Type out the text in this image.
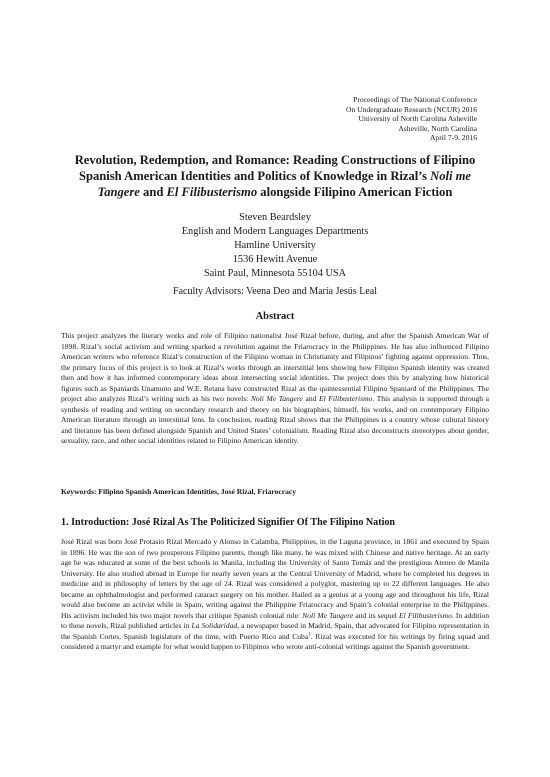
Proceedings of The National Conference
On Undergraduate Research (NCUR) 2016
University of North Carolina Asheville
Asheville, North Carolina
April 7-9, 2016
Revolution, Redemption, and Romance: Reading Constructions of Filipino
Spanish American Identities and Politics of Knowledge in Rizal’s Noli me
Tangere and El Filibusterismo alongside Filipino American Fiction
Steven Beardsley
English and Modern Languages Departments
Hamline University
1536 Hewitt Avenue
Saint Paul, Minnesota 55104 USA
Faculty Advisors: Veena Deo and María Jesús Leal
Abstract
This project analyzes the literary works and role of Filipino nationalist José Rizal before, during, and after the Spanish American War of 1898. Rizal’s social activism and writing sparked a revolution against the Friarocracy in the Philippines. He has also influenced Filipino American writers who reference Rizal’s construction of the Filipino woman in Christianity and Filipinos’ fighting against oppression. Thus, the primary focus of this project is to look at Rizal’s works through an interstitial lens showing how Filipino Spanish identity was created then and how it has informed contemporary ideas about intersecting social identities. The project does this by analyzing how historical figures such as Spaniards Unamuno and W.E. Retana have constructed Rizal as the quintessential Filipino Spaniard of the Philippines. The project also analyzes Rizal’s writing such as his two novels: Noli Me Tangere and El Filibusterismo. This analysis is supported through a synthesis of reading and writing on secondary research and theory on his biographies, himself, his works, and on contemporary Filipino American literature through an interstitial lens. In conclusion, reading Rizal shows that the Philippines is a country whose cultural history and literature has been defined alongside Spanish and United States’ colonialism. Reading Rizal also deconstructs stereotypes about gender, sexuality, race, and other social identities related to Filipino American identity.
Keywords: Filipino Spanish American Identities, José Rizal, Friarocracy
1. Introduction: José Rizal As The Politicized Signifier Of The Filipino Nation
José Rizal was born José Protasio Rizal Mercado y Alonso in Calamba, Philippines, in the Laguna province, in 1861 and executed by Spain in 1896. He was the son of two prosperous Filipino parents, though like many, he was mixed with Chinese and native heritage. At an early age he was educated at some of the best schools in Manila, including the University of Santo Tomás and the prestigious Ateneo de Manila University. He also studied abroad in Europe for nearly seven years at the Central University of Madrid, where he completed his degrees in medicine and in philosophy of letters by the age of 24. Rizal was considered a polyglot, mastering up to 22 different languages. He also became an ophthalmologist and performed cataract surgery on his mother. Hailed as a genius at a young age and throughout his life, Rizal would also become an activist while in Spain, writing against the Philippine Friarocracy and Spain’s colonial enterprise in the Philippines. His activism included his two major novels that critique Spanish colonial rule: Noli Me Tangere and its sequel El Filibusterismo. In addition to these novels, Rizal published articles in La Solidaridad, a newspaper based in Madrid, Spain, that advocated for Filipino representation in the Spanish Cortes, Spanish legislature of the time, with Puerto Rico and Cuba$^1$. Rizal was executed for his writings by firing squad and considered a martyr and example for what would happen to Filipinos who wrote anti-colonial writings against the Spanish government.
